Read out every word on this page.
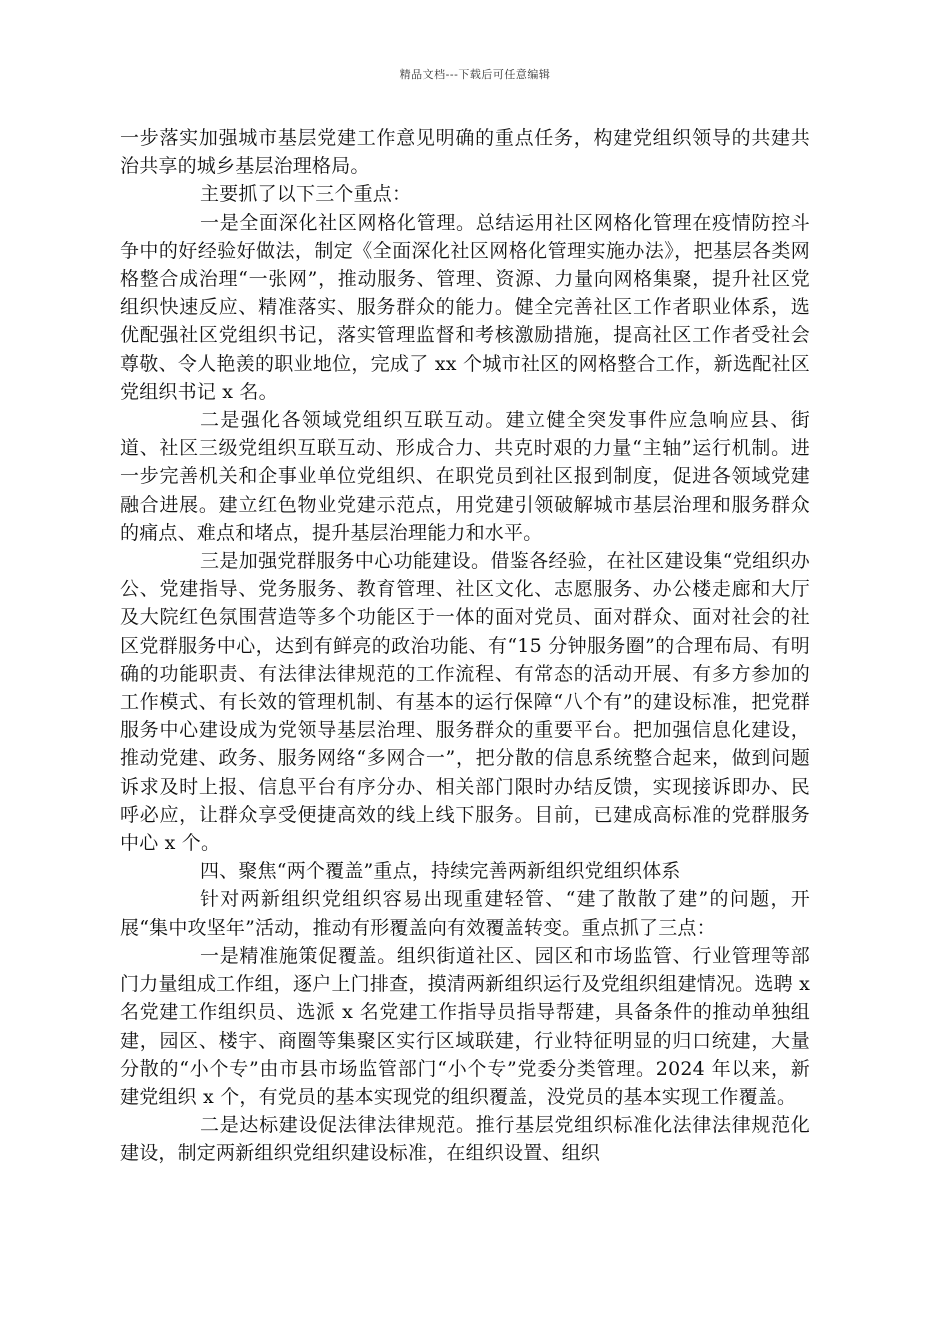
精品文档---下载后可任意编辑

一步落实加强城市基层党建工作意见明确的重点任务，构建党组织领导的共建共治共享的城乡基层治理格局。

主要抓了以下三个重点：

一是全面深化社区网格化管理。总结运用社区网格化管理在疫情防控斗争中的好经验好做法，制定《全面深化社区网格化管理实施办法》，把基层各类网格整合成治理“一张网”，推动服务、管理、资源、力量向网格集聚，提升社区党组织快速反应、精准落实、服务群众的能力。健全完善社区工作者职业体系，选优配强社区党组织书记，落实管理监督和考核激励措施，提高社区工作者受社会尊敬、令人艳羡的职业地位，完成了 xx 个城市社区的网格整合工作，新选配社区党组织书记 x 名。

二是强化各领域党组织互联互动。建立健全突发事件应急响应县、街道、社区三级党组织互联互动、形成合力、共克时艰的力量“主轴”运行机制。进一步完善机关和企事业单位党组织、在职党员到社区报到制度，促进各领域党建融合进展。建立红色物业党建示范点，用党建引领破解城市基层治理和服务群众的痛点、难点和堵点，提升基层治理能力和水平。

三是加强党群服务中心功能建设。借鉴各经验，在社区建设集“党组织办公、党建指导、党务服务、教育管理、社区文化、志愿服务、办公楼走廊和大厅及大院红色氛围营造等多个功能区于一体的面对党员、面对群众、面对社会的社区党群服务中心，达到有鲜亮的政治功能、有“15 分钟服务圈”的合理布局、有明确的功能职责、有法律法律规范的工作流程、有常态的活动开展、有多方参加的工作模式、有长效的管理机制、有基本的运行保障“八个有”的建设标准，把党群服务中心建设成为党领导基层治理、服务群众的重要平台。把加强信息化建设，推动党建、政务、服务网络“多网合一”，把分散的信息系统整合起来，做到问题诉求及时上报、信息平台有序分办、相关部门限时办结反馈，实现接诉即办、民呼必应，让群众享受便捷高效的线上线下服务。目前，已建成高标准的党群服务中心 x 个。

四、聚焦“两个覆盖”重点，持续完善两新组织党组织体系

针对两新组织党组织容易出现重建轻管、“建了散散了建”的问题，开展“集中攻坚年”活动，推动有形覆盖向有效覆盖转变。重点抓了三点：

一是精准施策促覆盖。组织街道社区、园区和市场监管、行业管理等部门力量组成工作组，逐户上门排查，摸清两新组织运行及党组织组建情况。选聘 x 名党建工作组织员、选派 x 名党建工作指导员指导帮建，具备条件的推动单独组建，园区、楼宇、商圈等集聚区实行区域联建，行业特征明显的归口统建，大量分散的“小个专”由市县市场监管部门“小个专”党委分类管理。2024 年以来，新建党组织 x 个，有党员的基本实现党的组织覆盖，没党员的基本实现工作覆盖。

二是达标建设促法律法律规范。推行基层党组织标准化法律法律规范化建设，制定两新组织党组织建设标准，在组织设置、组织
